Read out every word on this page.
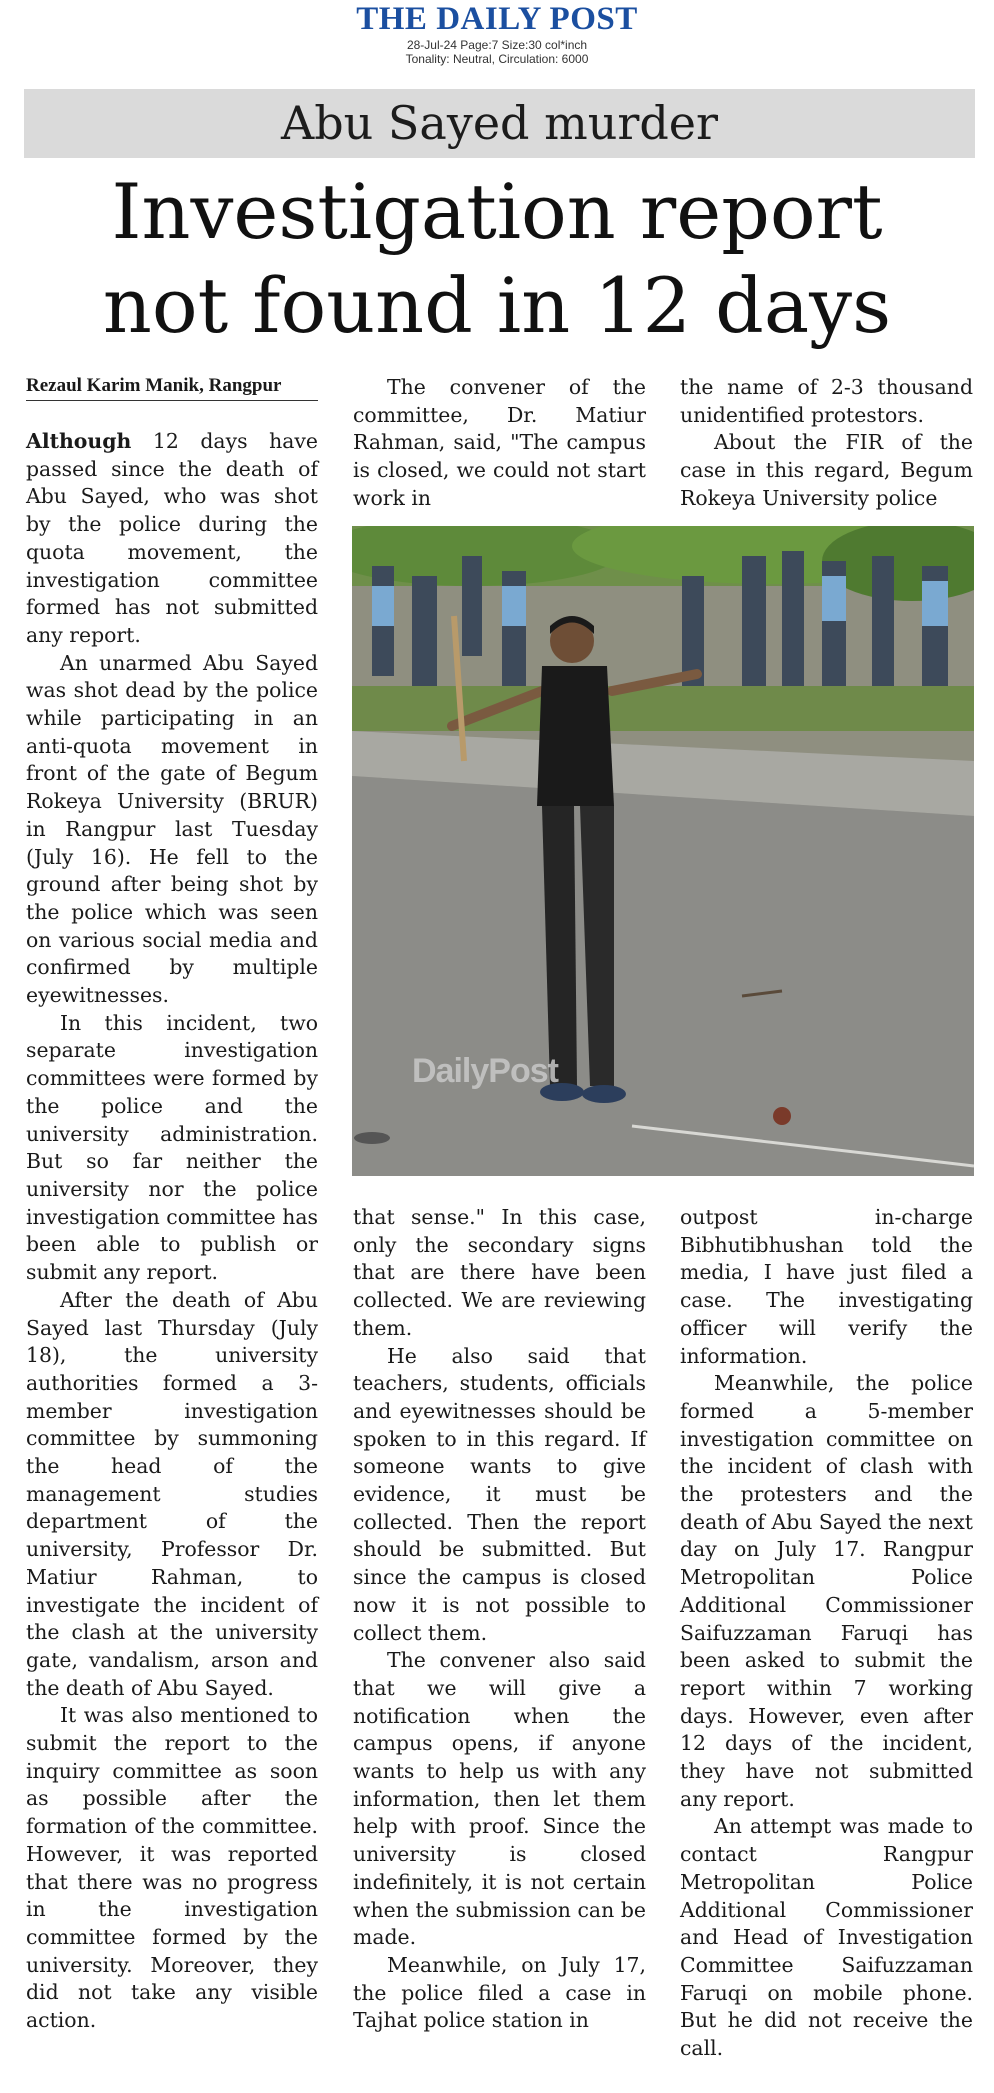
THE DAILY POST
28-Jul-24 Page:7 Size:30 col*inch
Tonality: Neutral, Circulation: 6000
Abu Sayed murder
Investigation report
not found in 12 days
Rezaul Karim Manik, Rangpur

Although 12 days have passed since the death of Abu Sayed, who was shot by the police during the quota movement, the investigation committee formed has not submitted any report.

An unarmed Abu Sayed was shot dead by the police while participating in an anti-quota movement in front of the gate of Begum Rokeya University (BRUR) in Rangpur last Tuesday (July 16). He fell to the ground after being shot by the police which was seen on various social media and confirmed by multiple eyewitnesses.

In this incident, two separate investigation committees were formed by the police and the university administration. But so far neither the university nor the police investigation committee has been able to publish or submit any report.

After the death of Abu Sayed last Thursday (July 18), the university authorities formed a 3-member investigation committee by summoning the head of the management studies department of the university, Professor Dr. Matiur Rahman, to investigate the incident of the clash at the university gate, vandalism, arson and the death of Abu Sayed.

It was also mentioned to submit the report to the inquiry committee as soon as possible after the formation of the committee. However, it was reported that there was no progress in the investigation committee formed by the university. Moreover, they did not take any visible action.

The convener of the committee, Dr. Matiur Rahman, said, "The campus is closed, we could not start work in

the name of 2-3 thousand unidentified protestors.

About the FIR of the case in this regard, Begum Rokeya University police

DailyPost

that sense." In this case, only the secondary signs that are there have been collected. We are reviewing them.

He also said that teachers, students, officials and eyewitnesses should be spoken to in this regard. If someone wants to give evidence, it must be collected. Then the report should be submitted. But since the campus is closed now it is not possible to collect them.

The convener also said that we will give a notification when the campus opens, if anyone wants to help us with any information, then let them help with proof. Since the university is closed indefinitely, it is not certain when the submission can be made.

Meanwhile, on July 17, the police filed a case in Tajhat police station in

outpost in-charge Bibhutibhushan told the media, I have just filed a case. The investigating officer will verify the information.

Meanwhile, the police formed a 5-member investigation committee on the incident of clash with the protesters and the death of Abu Sayed the next day on July 17. Rangpur Metropolitan Police Additional Commissioner Saifuzzaman Faruqi has been asked to submit the report within 7 working days. However, even after 12 days of the incident, they have not submitted any report.

An attempt was made to contact Rangpur Metropolitan Police Additional Commissioner and Head of Investigation Committee Saifuzzaman Faruqi on mobile phone. But he did not receive the call.
